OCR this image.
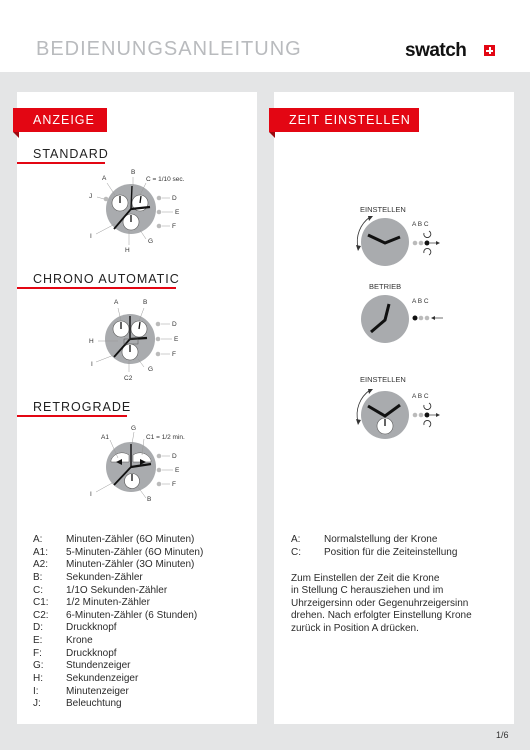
BEDIENUNGSANLEITUNG	swatch
ANZEIGE	ZEIT EINSTELLEN
STANDARD
A
B
C = 1/10 sec.
D
E
F
G
H
I
J
CHRONO AUTOMATIC
A	B
D
E
F
G
C2
H
I
RETROGRADE
A1
G
C1 = 1/2 min.
D
E
F
B
I
A: Minuten-Zähler (6O Minuten)
A1: 5-Minuten-Zähler (6O Minuten)
A2: Minuten-Zähler (3O Minuten)
B: Sekunden-Zähler
C: 1/1O Sekunden-Zähler
C1: 1/2 Minuten-Zähler
C2: 6-Minuten-Zähler (6 Stunden)
D: Druckknopf
E: Krone
F: Druckknopf
G: Stundenzeiger
H: Sekundenzeiger
I:	Minutenzeiger
J:	Beleuchtung
EINSTELLEN
A B C
BETRIEB
A B C
EINSTELLEN
A B C
A: Normalstellung der Krone
C: Position für die Zeiteinstellung
Zum Einstellen der Zeit die Krone
in Stellung C herausziehen und im
Uhrzeigersinn oder Gegenuhrzeigersinn
drehen. Nach erfolgter Einstellung Krone
zurück in Position A drücken.
1/6
